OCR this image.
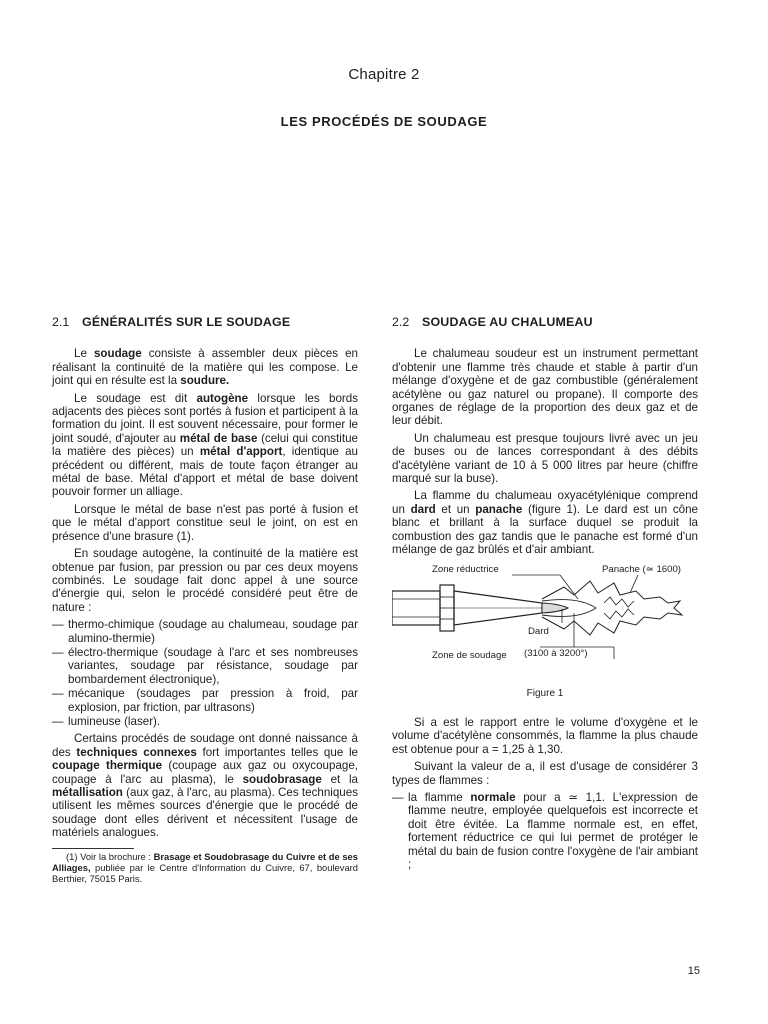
Chapitre 2
LES PROCÉDÉS DE SOUDAGE
2.1 GÉNÉRALITÉS SUR LE SOUDAGE

Le soudage consiste à assembler deux pièces en réalisant la continuité de la matière qui les compose. Le joint qui en résulte est la soudure.

Le soudage est dit autogène lorsque les bords adjacents des pièces sont portés à fusion et participent à la formation du joint. Il est souvent nécessaire, pour former le joint soudé, d'ajouter au métal de base (celui qui constitue la matière des pièces) un métal d'apport, identique au précédent ou différent, mais de toute façon étranger au métal de base. Métal d'apport et métal de base doivent pouvoir former un alliage.

Lorsque le métal de base n'est pas porté à fusion et que le métal d'apport constitue seul le joint, on est en présence d'une brasure (1).

En soudage autogène, la continuité de la matière est obtenue par fusion, par pression ou par ces deux moyens combinés. Le soudage fait donc appel à une source d'énergie qui, selon le procédé considéré peut être de nature :

— thermo-chimique (soudage au chalumeau, soudage par alumino-thermie)
— électro-thermique (soudage à l'arc et ses nombreuses variantes, soudage par résistance, soudage par bombardement électronique),
— mécanique (soudages par pression à froid, par explosion, par friction, par ultrasons)
— lumineuse (laser).

Certains procédés de soudage ont donné naissance à des techniques connexes fort importantes telles que le coupage thermique (coupage aux gaz ou oxycoupage, coupage à l'arc au plasma), le soudobrasage et la métallisation (aux gaz, à l'arc, au plasma). Ces techniques utilisent les mêmes sources d'énergie que le procédé de soudage dont elles dérivent et nécessitent l'usage de matériels analogues.

(1) Voir la brochure : Brasage et Soudobrasage du Cuivre et de ses Alliages, publiée par le Centre d'Information du Cuivre, 67, boulevard Berthier, 75015 Paris.
2.2 SOUDAGE AU CHALUMEAU

Le chalumeau soudeur est un instrument permettant d'obtenir une flamme très chaude et stable à partir d'un mélange d'oxygène et de gaz combustible (généralement acétylène ou gaz naturel ou propane). Il comporte des organes de réglage de la proportion des deux gaz et de leur débit.

Un chalumeau est presque toujours livré avec un jeu de buses ou de lances correspondant à des débits d'acétylène variant de 10 à 5 000 litres par heure (chiffre marqué sur la buse).

La flamme du chalumeau oxyacétylénique comprend un dard et un panache (figure 1). Le dard est un cône blanc et brillant à la surface duquel se produit la combustion des gaz tandis que le panache est formé d'un mélange de gaz brûlés et d'air ambiant.

Zone réductrice	Panache (≃ 1600)
Dard
Zone de soudage (3100 à 3200°)
Figure 1

Si a est le rapport entre le volume d'oxygène et le volume d'acétylène consommés, la flamme la plus chaude est obtenue pour a = 1,25 à 1,30.

Suivant la valeur de a, il est d'usage de considérer 3 types de flammes :

— la flamme normale pour a ≃ 1,1. L'expression de flamme neutre, employée quelquefois est incorrecte et doit être évitée. La flamme normale est, en effet, fortement réductrice ce qui lui permet de protéger le métal du bain de fusion contre l'oxygène de l'air ambiant ;
15
